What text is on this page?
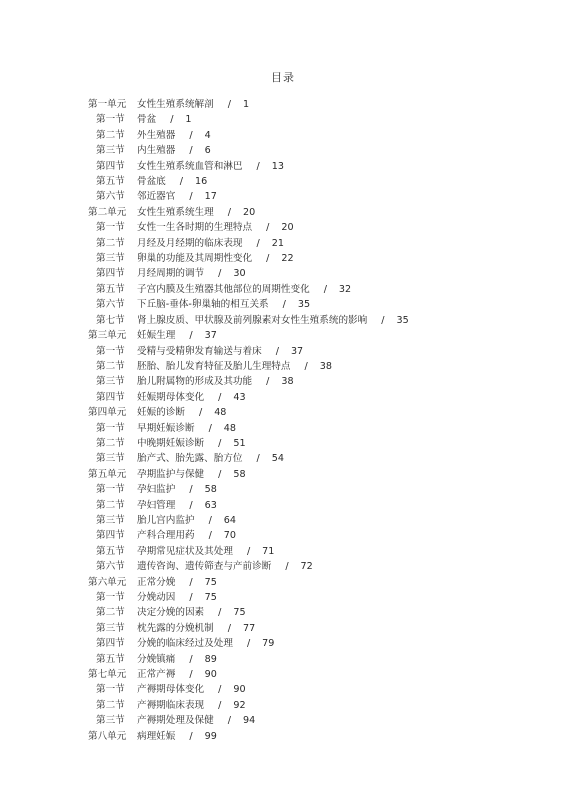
目录
第一单元 女性生殖系统解剖 / 1
第一节 骨盆 / 1
第二节 外生殖器 / 4
第三节 内生殖器 / 6
第四节 女性生殖系统血管和淋巴 / 13
第五节 骨盆底 / 16
第六节 邻近器官 / 17
第二单元 女性生殖系统生理 / 20
第一节 女性一生各时期的生理特点 / 20
第二节 月经及月经期的临床表现 / 21
第三节 卵巢的功能及其周期性变化 / 22
第四节 月经周期的调节 / 30
第五节 子宫内膜及生殖器其他部位的周期性变化 / 32
第六节 下丘脑-垂体-卵巢轴的相互关系 / 35
第七节 肾上腺皮质、甲状腺及前列腺素对女性生殖系统的影响 / 35
第三单元 妊娠生理 / 37
第一节 受精与受精卵发育输送与着床 / 37
第二节 胚胎、胎儿发育特征及胎儿生理特点 / 38
第三节 胎儿附属物的形成及其功能 / 38
第四节 妊娠期母体变化 / 43
第四单元 妊娠的诊断 / 48
第一节 早期妊娠诊断 / 48
第二节 中晚期妊娠诊断 / 51
第三节 胎产式、胎先露、胎方位 / 54
第五单元 孕期监护与保健 / 58
第一节 孕妇监护 / 58
第二节 孕妇管理 / 63
第三节 胎儿宫内监护 / 64
第四节 产科合理用药 / 70
第五节 孕期常见症状及其处理 / 71
第六节 遗传咨询、遗传筛查与产前诊断 / 72
第六单元 正常分娩 / 75
第一节 分娩动因 / 75
第二节 决定分娩的因素 / 75
第三节 枕先露的分娩机制 / 77
第四节 分娩的临床经过及处理 / 79
第五节 分娩镇痛 / 89
第七单元 正常产褥 / 90
第一节 产褥期母体变化 / 90
第二节 产褥期临床表现 / 92
第三节 产褥期处理及保健 / 94
第八单元 病理妊娠 / 99
